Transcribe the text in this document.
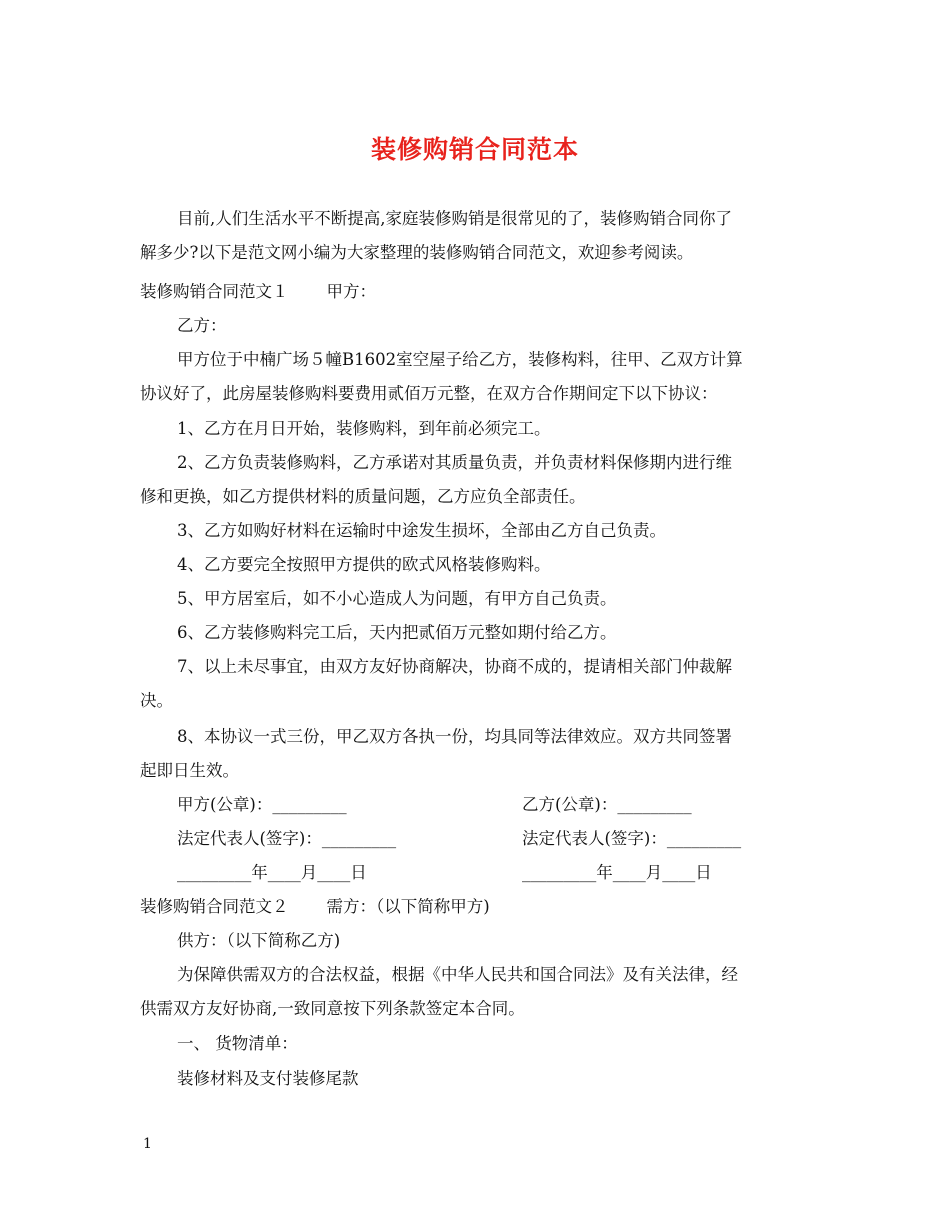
装修购销合同范本
目前,人们生活水平不断提高,家庭装修购销是很常见的了，装修购销合同你了
解多少?以下是范文网小编为大家整理的装修购销合同范文，欢迎参考阅读。
装修购销合同范文１ 甲方：
乙方：
甲方位于中楠广场５幢B1602室空屋子给乙方，装修构料，往甲、乙双方计算
协议好了，此房屋装修购料要费用贰佰万元整，在双方合作期间定下以下协议：
1、乙方在月日开始，装修购料，到年前必须完工。
2、乙方负责装修购料，乙方承诺对其质量负责，并负责材料保修期内进行维
修和更换，如乙方提供材料的质量问题，乙方应负全部责任。
3、乙方如购好材料在运输时中途发生损坏，全部由乙方自己负责。
4、乙方要完全按照甲方提供的欧式风格装修购料。
5、甲方居室后，如不小心造成人为问题，有甲方自己负责。
6、乙方装修购料完工后，天内把贰佰万元整如期付给乙方。
7、以上未尽事宜，由双方友好协商解决，协商不成的，提请相关部门仲裁解
决。
8、本协议一式三份，甲乙双方各执一份，均具同等法律效应。双方共同签署
起即日生效。
甲方(公章)：_________	乙方(公章)：_________
法定代表人(签字)：_________	法定代表人(签字)：_________
_________年____月____日	_________年____月____日
装修购销合同范文２ 需方：（以下简称甲方)
供方：（以下简称乙方)
为保障供需双方的合法权益，根据《中华人民共和国合同法》及有关法律，经
供需双方友好协商,一致同意按下列条款签定本合同。
一、 货物清单：
装修材料及支付装修尾款
1
